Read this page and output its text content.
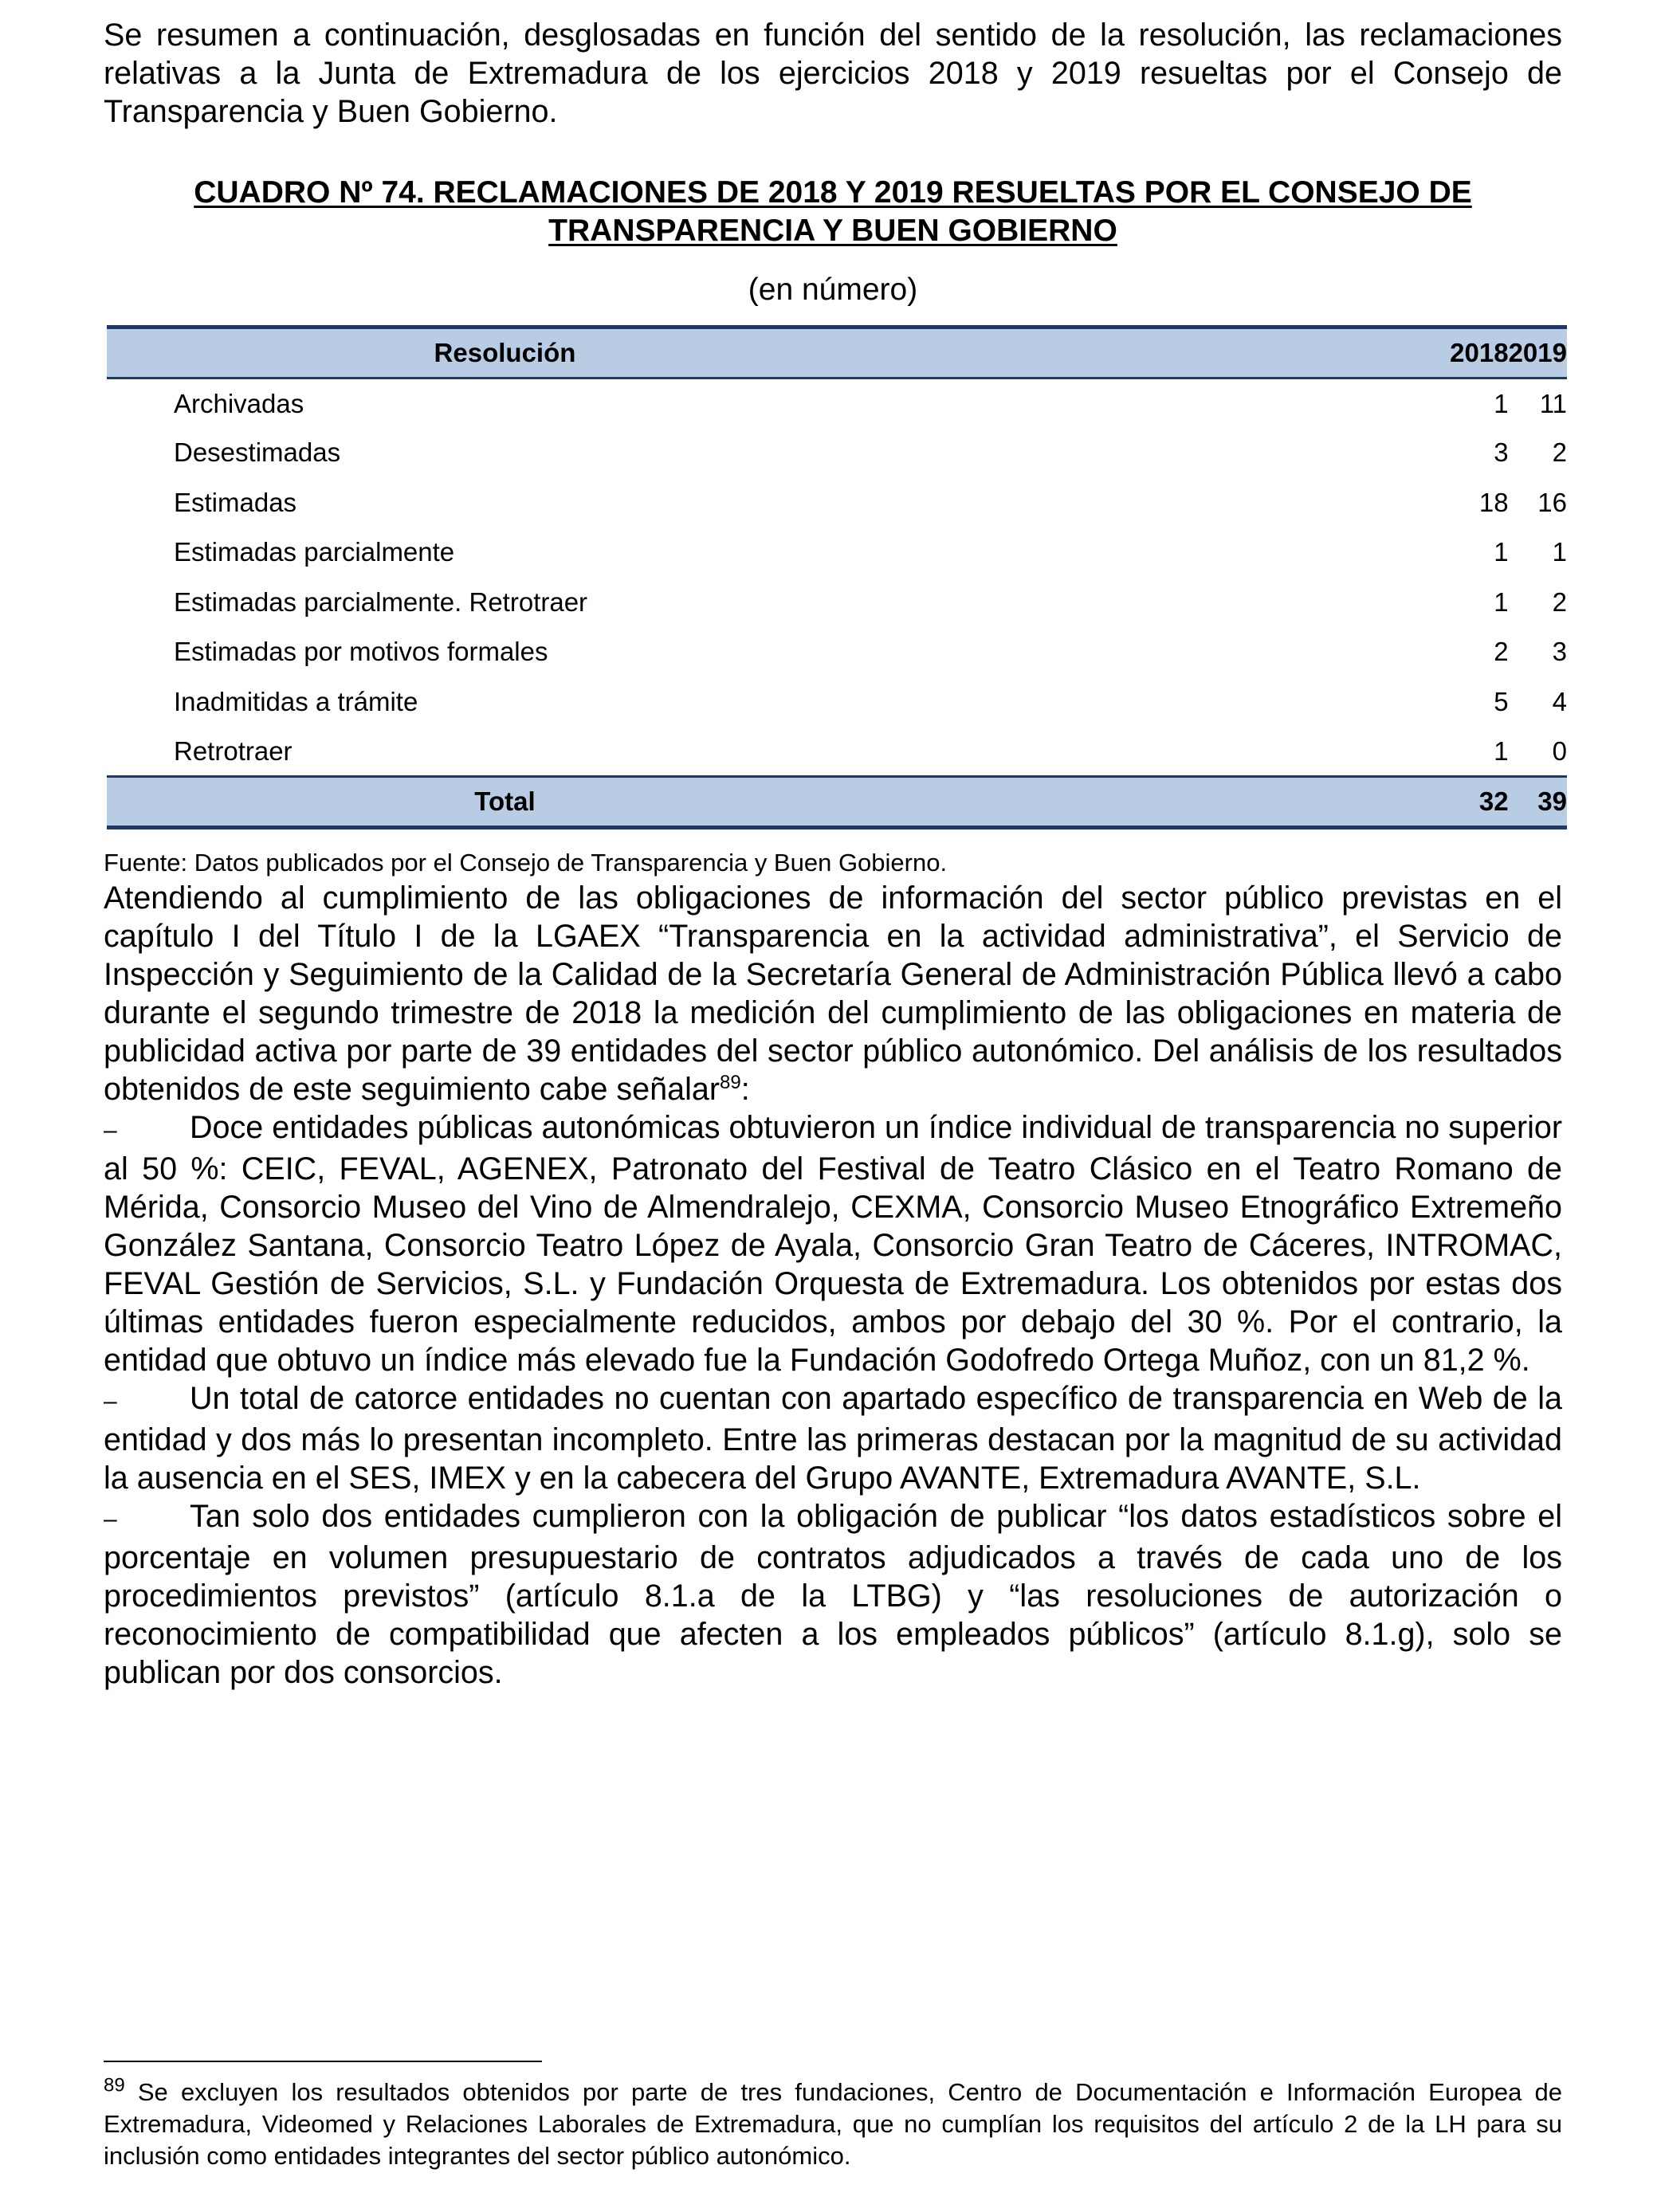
Se resumen a continuación, desglosadas en función del sentido de la resolución, las reclamaciones relativas a la Junta de Extremadura de los ejercicios 2018 y 2019 resueltas por el Consejo de Transparencia y Buen Gobierno.

CUADRO Nº 74. RECLAMACIONES DE 2018 Y 2019 RESUELTAS POR EL CONSEJO DE
TRANSPARENCIA Y BUEN GOBIERNO
(en número)
Resolución	2018	2019
Archivadas	1	11
Desestimadas	3	2
Estimadas	18	16
Estimadas parcialmente	1	1
Estimadas parcialmente. Retrotraer	1	2
Estimadas por motivos formales	2	3
Inadmitidas a trámite	5	4
Retrotraer	1	0
Total	32	39
Fuente: Datos publicados por el Consejo de Transparencia y Buen Gobierno.

Atendiendo al cumplimiento de las obligaciones de información del sector público previstas en el capítulo I del Título I de la LGAEX “Transparencia en la actividad administrativa”, el Servicio de Inspección y Seguimiento de la Calidad de la Secretaría General de Administración Pública llevó a cabo durante el segundo trimestre de 2018 la medición del cumplimiento de las obligaciones en materia de publicidad activa por parte de 39 entidades del sector público autonómico. Del análisis de los resultados obtenidos de este seguimiento cabe señalar$^{89}$:

– Doce entidades públicas autonómicas obtuvieron un índice individual de transparencia no superior al 50 %: CEIC, FEVAL, AGENEX, Patronato del Festival de Teatro Clásico en el Teatro Romano de Mérida, Consorcio Museo del Vino de Almendralejo, CEXMA, Consorcio Museo Etnográfico Extremeño González Santana, Consorcio Teatro López de Ayala, Consorcio Gran Teatro de Cáceres, INTROMAC, FEVAL Gestión de Servicios, S.L. y Fundación Orquesta de Extremadura. Los obtenidos por estas dos últimas entidades fueron especialmente reducidos, ambos por debajo del 30 %. Por el contrario, la entidad que obtuvo un índice más elevado fue la Fundación Godofredo Ortega Muñoz, con un 81,2 %.

– Un total de catorce entidades no cuentan con apartado específico de transparencia en Web de la entidad y dos más lo presentan incompleto. Entre las primeras destacan por la magnitud de su actividad la ausencia en el SES, IMEX y en la cabecera del Grupo AVANTE, Extremadura AVANTE, S.L.

– Tan solo dos entidades cumplieron con la obligación de publicar “los datos estadísticos sobre el porcentaje en volumen presupuestario de contratos adjudicados a través de cada uno de los procedimientos previstos” (artículo 8.1.a de la LTBG) y “las resoluciones de autorización o reconocimiento de compatibilidad que afecten a los empleados públicos” (artículo 8.1.g), solo se publican por dos consorcios.

$^{89}$ Se excluyen los resultados obtenidos por parte de tres fundaciones, Centro de Documentación e Información Europea de Extremadura, Videomed y Relaciones Laborales de Extremadura, que no cumplían los requisitos del artículo 2 de la LH para su inclusión como entidades integrantes del sector público autonómico.
